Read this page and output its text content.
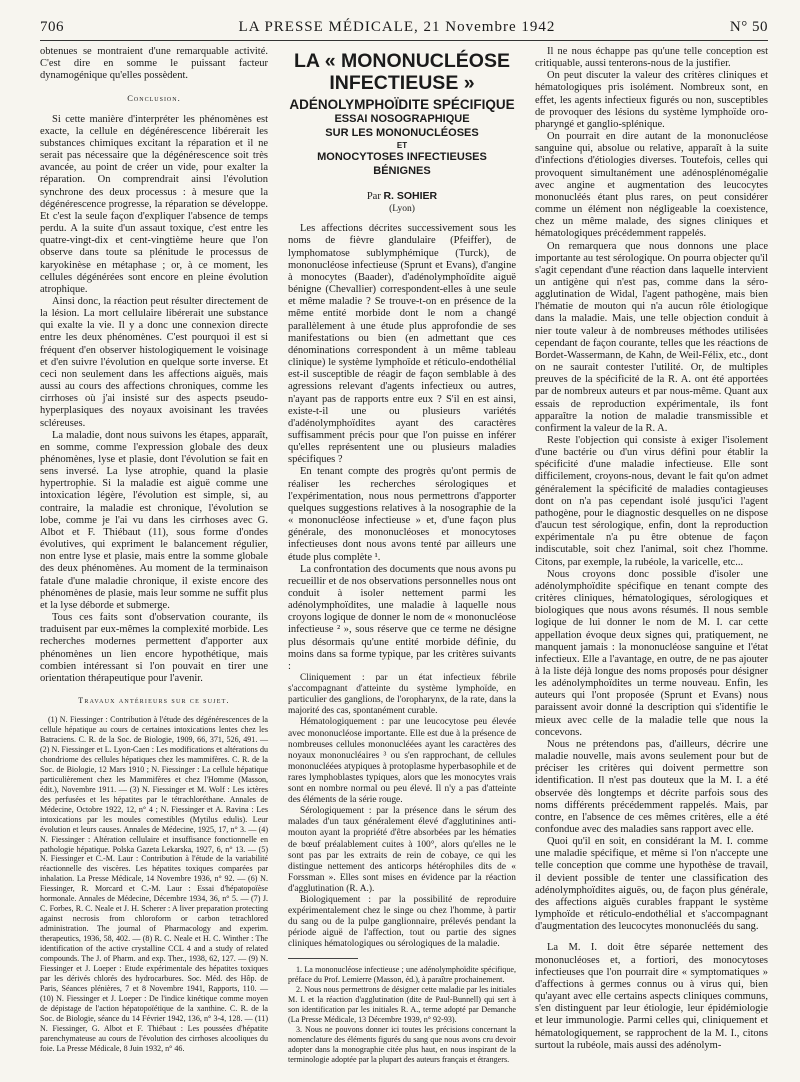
706	LA PRESSE MÉDICALE, 21 Novembre 1942	N° 50

obtenues se montraient d'une remarquable activité. C'est dire en somme le puissant facteur dynamogénique qu'elles possèdent.

Conclusion.

Si cette manière d'interpréter les phénomènes est exacte, la cellule en dégénérescence libérerait les substances chimiques excitant la réparation et il ne serait pas nécessaire que la dégénérescence soit très avancée, au point de créer un vide, pour exalter la réparation. On comprendrait ainsi l'évolution synchrone des deux processus : à mesure que la dégénérescence progresse, la réparation se développe. Et c'est la seule façon d'expliquer l'absence de temps perdu. A la suite d'un assaut toxique, c'est entre les quatre-vingt-dix et cent-vingtième heure que l'on observe dans toute sa plénitude le processus de karyokinèse en métaphase ; or, à ce moment, les cellules dégénérées sont encore en pleine évolution atrophique.

Ainsi donc, la réaction peut résulter directement de la lésion. La mort cellulaire libérerait une substance qui exalte la vie. Il y a donc une connexion directe entre les deux phénomènes. C'est pourquoi il est si fréquent d'en observer histologiquement le voisinage et d'en suivre l'évolution en quelque sorte inverse. Et ceci non seulement dans les affections aiguës, mais aussi au cours des affections chroniques, comme les cirrhoses où j'ai insisté sur des aspects pseudo-hyperplasiques des noyaux avoisinant les travées scléreuses.

La maladie, dont nous suivons les étapes, apparaît, en somme, comme l'expression globale des deux phénomènes, lyse et plasie, dont l'évolution se fait en sens inversé. La lyse atrophie, quand la plasie hypertrophie. Si la maladie est aiguë comme une intoxication légère, l'évolution est simple, si, au contraire, la maladie est chronique, l'évolution se lobe, comme je l'ai vu dans les cirrhoses avec G. Albot et F. Thiébaut (11), sous forme d'ondes évolutives, qui expriment le balancement régulier, non entre lyse et plasie, mais entre la somme globale des deux phénomènes. Au moment de la terminaison fatale d'une maladie chronique, il existe encore des phénomènes de plasie, mais leur somme ne suffit plus et la lyse déborde et submerge.

Tous ces faits sont d'observation courante, ils traduisent par eux-mêmes la complexité morbide. Les recherches modernes permettent d'apporter aux phénomènes un lien encore hypothétique, mais combien intéressant si l'on pouvait en tirer une orientation thérapeutique pour l'avenir.

Travaux antérieurs sur ce sujet.

(1) N. Fiessinger : Contribution à l'étude des dégénérescences de la cellule hépatique au cours de certaines intoxications lentes chez les Batraciens. C. R. de la Soc. de Biologie, 1909, 66, 371, 526, 491. — (2) N. Fiessinger et L. Lyon-Caen : Les modifications et altérations du chondriome des cellules hépatiques chez les mammifères. C. R. de la Soc. de Biologie, 12 Mars 1910 ; N. Fiessinger : La cellule hépatique particulièrement chez les Mammifères et chez l'Homme (Masson, édit.), Novembre 1911. — (3) N. Fiessinger et M. Wolf : Les ictères des perfusées et les hépatites par le tétrachloréthane. Annales de Médecine, Octobre 1922, 12, n° 4 ; N. Fiessinger et A. Ravina : Les intoxications par les moules comestibles (Mytilus edulis). Leur évolution et leurs causes. Annales de Médecine, 1925, 17, n° 3. — (4) N. Fiessinger : Altération cellulaire et insuffisance fonctionnelle en pathologie hépatique. Polska Gazeta Lekarska, 1927, 6, n° 13. — (5) N. Fiessinger et C.-M. Laur : Contribution à l'étude de la variabilité réactionnelle des viscères. Les hépatites toxiques comparées par inhalation. La Presse Médicale, 14 Novembre 1936, n° 92. — (6) N. Fiessinger, R. Morcard et C.-M. Laur : Essai d'hépatopoïèse hormonale. Annales de Médecine, Décembre 1934, 36, n° 5. — (7) J. C. Forbes, R. C. Neale et J. H. Scherer : A liver preparation protecting against necrosis from chloroform or carbon tetrachlored administration. The journal of Pharmacology and experim. therapeutics, 1936, 58, 402. — (8) R. C. Neale et H. C. Winther : The identification of the active crystalline CCL 4 and a study of related compounds. The J. of Pharm. and exp. Ther., 1938, 62, 127. — (9) N. Fiessinger et J. Loeper : Etude expérimentale des hépatites toxiques par les dérivés chlorés des hydrocarbures. Soc. Méd. des Hôp. de Paris, Séances plénières, 7 et 8 Novembre 1941, Rapports, 110. — (10) N. Fiessinger et J. Loeper : De l'indice kinétique comme moyen de dépistage de l'action hépatopoïétique de la xanthine. C. R. de la Soc. de Biologie, séance du 14 Février 1942, 136, n° 3-4, 128. — (11) N. Fiessinger, G. Albot et F. Thiébaut : Les poussées d'hépatite parenchymateuse au cours de l'évolution des cirrhoses alcooliques du foie. La Presse Médicale, 8 Juin 1932, n° 46.

LA « MONONUCLÉOSE
INFECTIEUSE »
ADÉNOLYMPHOÏDITE SPÉCIFIQUE
ESSAI NOSOGRAPHIQUE
SUR LES MONONUCLÉOSES
ET
MONOCYTOSES INFECTIEUSES BÉNIGNES
Par R. SOHIER
(Lyon)

Les affections décrites successivement sous les noms de fièvre glandulaire (Pfeiffer), de lymphomatose sublymphémique (Turck), de mononucléose infectieuse (Sprunt et Evans), d'angine à monocytes (Baader), d'adénolymphoïdite aiguë bénigne (Chevallier) correspondent-elles à une seule et même maladie ? Se trouve-t-on en présence de la même entité morbide dont le nom a changé parallèlement à une étude plus approfondie de ses manifestations ou bien (en admettant que ces dénominations correspondent à un même tableau clinique) le système lymphoïde et réticulo-endothélial est-il susceptible de réagir de façon semblable à des agressions relevant d'agents infectieux ou autres, n'ayant pas de rapports entre eux ? S'il en est ainsi, existe-t-il une ou plusieurs variétés d'adénolymphoïdites ayant des caractères suffisamment précis pour que l'on puisse en inférer qu'elles représentent une ou plusieurs maladies spécifiques ?

En tenant compte des progrès qu'ont permis de réaliser les recherches sérologiques et l'expérimentation, nous nous permettrons d'apporter quelques suggestions relatives à la nosographie de la « mononucléose infectieuse » et, d'une façon plus générale, des mononucléoses et monocytoses infectieuses dont nous avons tenté par ailleurs une étude plus complète ¹.

La confrontation des documents que nous avons pu recueillir et de nos observations personnelles nous ont conduit à isoler nettement parmi les adénolymphoïdites, une maladie à laquelle nous croyons logique de donner le nom de « mononucléose infectieuse ² », sous réserve que ce terme ne désigne plus désormais qu'une entité morbide définie, du moins dans sa forme typique, par les critères suivants :

Cliniquement : par un état infectieux fébrile s'accompagnant d'atteinte du système lymphoïde, en particulier des ganglions, de l'oropharynx, de la rate, dans la majorité des cas, spontanément curable.

Hématologiquement : par une leucocytose peu élevée avec mononucléose importante. Elle est due à la présence de nombreuses cellules mononucléées ayant les caractères des noyaux mononucléaires ³ ou s'en rapprochant, de cellules mononucléées atypiques à protoplasme hyperbasophile et de rares lymphoblastes typiques, alors que les monocytes vrais sont en nombre normal ou peu élevé. Il n'y a pas d'atteinte des éléments de la série rouge.

Sérologiquement : par la présence dans le sérum des malades d'un taux généralement élevé d'agglutinines anti-mouton ayant la propriété d'être absorbées par les hématies de bœuf préalablement cuites à 100°, alors qu'elles ne le sont pas par les extraits de rein de cobaye, ce qui les distingue nettement des anticorps hétérophiles dits de « Forssman ». Elles sont mises en évidence par la réaction d'agglutination (R. A.).

Biologiquement : par la possibilité de reproduire expérimentalement chez le singe ou chez l'homme, à partir du sang ou de la pulpe ganglionnaire, prélevés pendant la période aiguë de l'affection, tout ou partie des signes cliniques hématologiques ou sérologiques de la maladie.

1. La mononucléose infectieuse ; une adénolymphoïdite spécifique, préface du Prof. Lemierre (Masson, éd.), à paraître prochainement.

2. Nous nous permettrons de désigner cette maladie par les initiales M. I. et la réaction d'agglutination (dite de Paul-Bunnell) qui sert à son identification par les initiales R. A., terme adopté par Demanche (La Presse Médicale, 13 Décembre 1939, n° 92-93).

3. Nous ne pouvons donner ici toutes les précisions concernant la nomenclature des éléments figurés du sang que nous avons cru devoir adopter dans la monographie citée plus haut, en nous inspirant de la terminologie adoptée par la plupart des auteurs français et étrangers.

Il ne nous échappe pas qu'une telle conception est critiquable, aussi tenterons-nous de la justifier.

On peut discuter la valeur des critères cliniques et hématologiques pris isolément. Nombreux sont, en effet, les agents infectieux figurés ou non, susceptibles de provoquer des lésions du système lymphoïde oro-pharyngé et ganglio-splénique.

On pourrait en dire autant de la mononucléose sanguine qui, absolue ou relative, apparaît à la suite d'infections d'étiologies diverses. Toutefois, celles qui provoquent simultanément une adénosplénomégalie avec angine et augmentation des leucocytes mononucléés étant plus rares, on peut considérer comme un élément non négligeable la coexistence, chez un même malade, des signes cliniques et hématologiques précédemment rappelés.

On remarquera que nous donnons une place importante au test sérologique. On pourra objecter qu'il s'agit cependant d'une réaction dans laquelle intervient un antigène qui n'est pas, comme dans la séro-agglutination de Widal, l'agent pathogène, mais bien l'hématie de mouton qui n'a aucun rôle étiologique dans la maladie. Mais, une telle objection conduit à nier toute valeur à de nombreuses méthodes utilisées cependant de façon courante, telles que les réactions de Bordet-Wassermann, de Kahn, de Weil-Félix, etc., dont on ne saurait contester l'utilité. Or, de multiples preuves de la spécificité de la R. A. ont été apportées par de nombreux auteurs et par nous-même. Quant aux essais de reproduction expérimentale, ils font apparaître la notion de maladie transmissible et confirment la valeur de la R. A.

Reste l'objection qui consiste à exiger l'isolement d'une bactérie ou d'un virus défini pour établir la spécificité d'une maladie infectieuse. Elle sont difficilement, croyons-nous, devant le fait qu'on admet généralement la spécificité de maladies contagieuses dont on n'a pas cependant isolé jusqu'ici l'agent pathogène, pour le diagnostic desquelles on ne dispose d'aucun test sérologique, enfin, dont la reproduction expérimentale n'a pu être obtenue de façon indiscutable, soit chez l'animal, soit chez l'homme. Citons, par exemple, la rubéole, la varicelle, etc...

Nous croyons donc possible d'isoler une adénolymphoïdite spécifique en tenant compte des critères cliniques, hématologiques, sérologiques et biologiques que nous avons résumés. Il nous semble logique de lui donner le nom de M. I. car cette appellation évoque deux signes qui, pratiquement, ne manquent jamais : la mononucléose sanguine et l'état infectieux. Elle a l'avantage, en outre, de ne pas ajouter à la liste déjà longue des noms proposés pour désigner les adénolymphoïdites un terme nouveau. Enfin, les auteurs qui l'ont proposée (Sprunt et Evans) nous paraissent avoir donné la description qui s'identifie le mieux avec celle de la maladie telle que nous la concevons.

Nous ne prétendons pas, d'ailleurs, décrire une maladie nouvelle, mais avons seulement pour but de préciser les critères qui doivent permettre son identification. Il n'est pas douteux que la M. I. a été observée dès longtemps et décrite parfois sous des noms différents précédemment rappelés. Mais, par contre, en l'absence de ces mêmes critères, elle a été confondue avec des maladies sans rapport avec elle.

Quoi qu'il en soit, en considérant la M. I. comme une maladie spécifique, et même si l'on n'accepte une telle conception que comme une hypothèse de travail, il devient possible de tenter une classification des adénolymphoïdites aiguës, ou, de façon plus générale, des affections aiguës curables frappant le système lymphoïde et réticulo-endothélial et s'accompagnant d'augmentation des leucocytes mononucléés du sang.

La M. I. doit être séparée nettement des mononucléoses et, a fortiori, des monocytoses infectieuses que l'on pourrait dire « symptomatiques » d'affections à germes connus ou à virus qui, bien qu'ayant avec elle certains aspects cliniques communs, s'en distinguent par leur étiologie, leur épidémiologie et leur immunologie. Parmi celles qui, cliniquement et hématologiquement, se rapprochent de la M. I., citons surtout la rubéole, mais aussi des adénolym-
